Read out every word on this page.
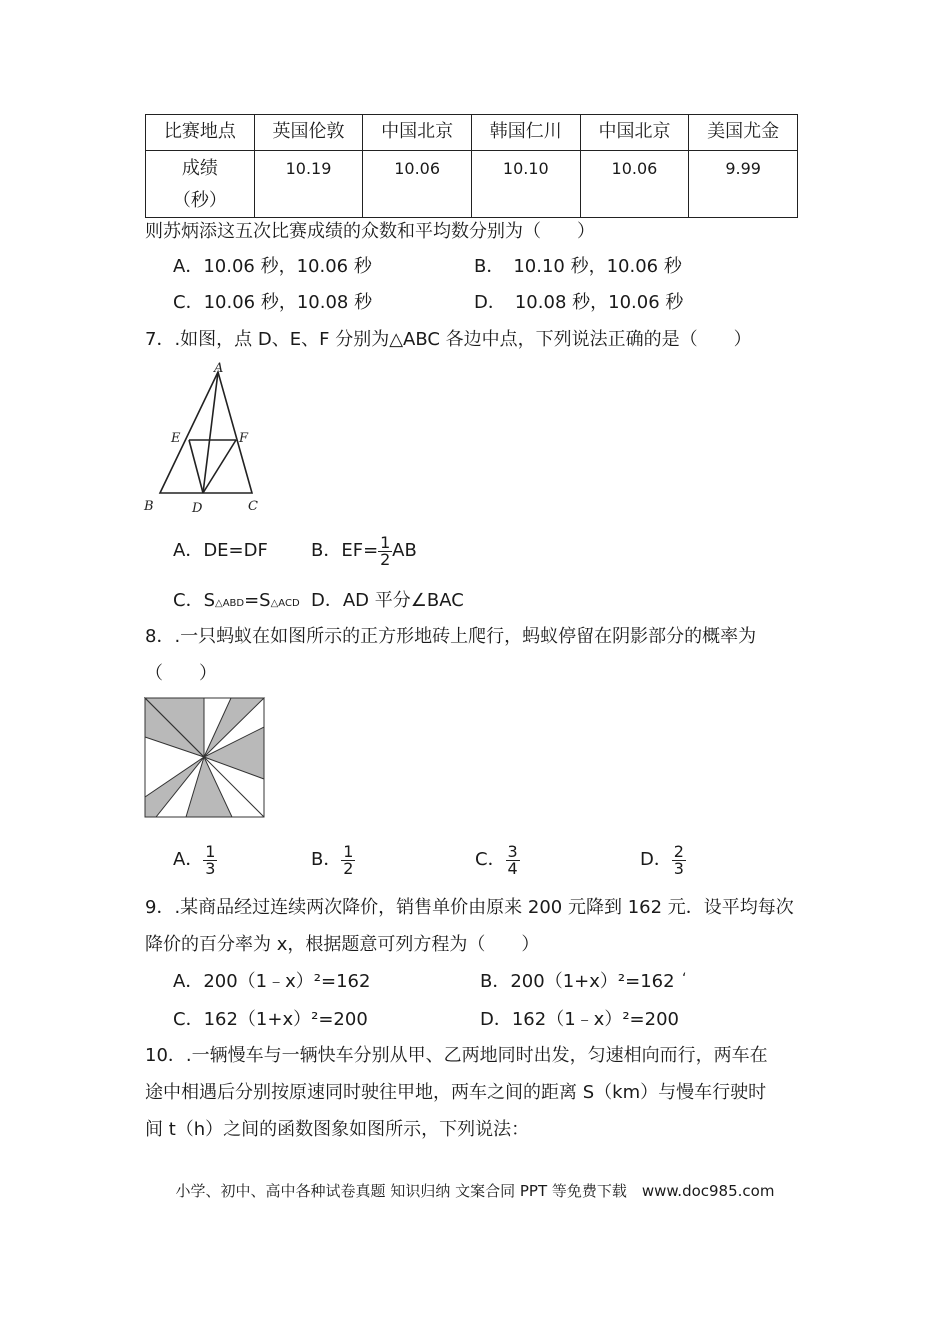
比赛地点	英国伦敦	中国北京	韩国仁川	中国北京	美国尤金

成绩
（秒）	10.19	10.06	10.10	10.06	9.99
则苏炳添这五次比赛成绩的众数和平均数分别为（　　）
A．10.06 秒，10.06 秒	B．　10.10 秒，10.06 秒
C．10.06 秒，10.08 秒	D．　10.08 秒，10.06 秒
7．.如图，点 D、E、F 分别为△ABC 各边中点，下列说法正确的是（　　）
A
E	F
B	D	C
A．DE=DF B．$EF= \frac{1}{2}$ AB
C．S△ABD=S△ACD D．AD 平分∠BAC
8．.一只蚂蚁在如图所示的正方形地砖上爬行，蚂蚁停留在阴影部分的概率为
（　　）
A． $\frac{1}{3}$	B． $\frac{1}{2}$	C． $\frac{3}{4}$	D． $\frac{2}{3}$
9．.某商品经过连续两次降价，销售单价由原来 200 元降到 162 元．设平均每次
降价的百分率为 x，根据题意可列方程为（　　）
A．200（1﹣x）²=162	B．200（1+x）²=162 ‘
C．162（1+x）²=200	D．162（1﹣x）²=200
10．.一辆慢车与一辆快车分别从甲、乙两地同时出发，匀速相向而行，两车在
途中相遇后分别按原速同时驶往甲地，两车之间的距离 S（km）与慢车行驶时
间 t（h）之间的函数图象如图所示，下列说法：
小学、初中、高中各种试卷真题 知识归纳 文案合同 PPT 等免费下载　www.doc985.com
